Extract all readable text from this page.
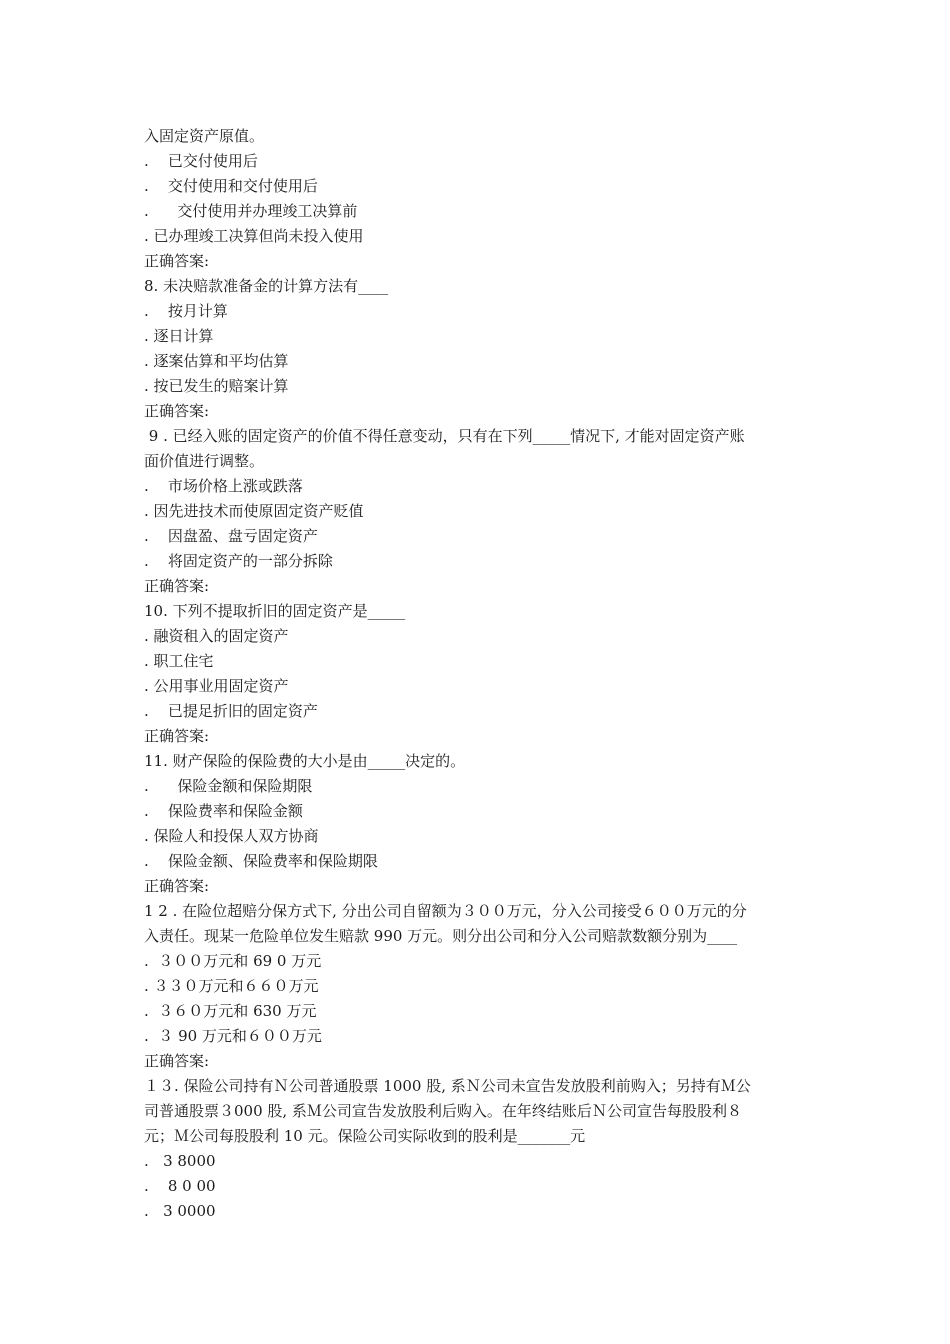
入固定资产原值。
.    已交付使用后
.    交付使用和交付使用后
.      交付使用并办理竣工决算前
. 已办理竣工决算但尚未投入使用
正确答案:
8. 未决赔款准备金的计算方法有____
.    按月计算
. 逐日计算
. 逐案估算和平均估算
. 按已发生的赔案计算
正确答案:
9 . 已经入账的固定资产的价值不得任意变动，只有在下列_____情况下, 才能对固定资产账
面价值进行调整。
.    市场价格上涨或跌落
. 因先进技术而使原固定资产贬值
.    因盘盈、盘亏固定资产
.    将固定资产的一部分拆除
正确答案:
10. 下列不提取折旧的固定资产是_____
. 融资租入的固定资产
. 职工住宅
. 公用事业用固定资产
.    已提足折旧的固定资产
正确答案:
11. 财产保险的保险费的大小是由_____决定的。
.      保险金额和保险期限
.    保险费率和保险金额
. 保险人和投保人双方协商
.    保险金额、保险费率和保险期限
正确答案:
1 2 . 在险位超赔分保方式下, 分出公司自留额为３００万元，分入公司接受６００万元的分
入责任。现某一危险单位发生赔款 990 万元。则分出公司和分入公司赔款数额分别为____
.  ３００万元和 69 0 万元
. ３３０万元和６６０万元
.  ３６０万元和 630 万元
.  ３ 90 万元和６００万元
正确答案:
１３. 保险公司持有Ｎ公司普通股票 1000 股, 系Ｎ公司未宣告发放股利前购入；另持有Ｍ公
司普通股票３000 股, 系Ｍ公司宣告发放股利后购入。在年终结账后Ｎ公司宣告每股股利８
元；Ｍ公司每股股利 10 元。保险公司实际收到的股利是_______元
.   3 8000
.    8 0 00
.   3 0000
